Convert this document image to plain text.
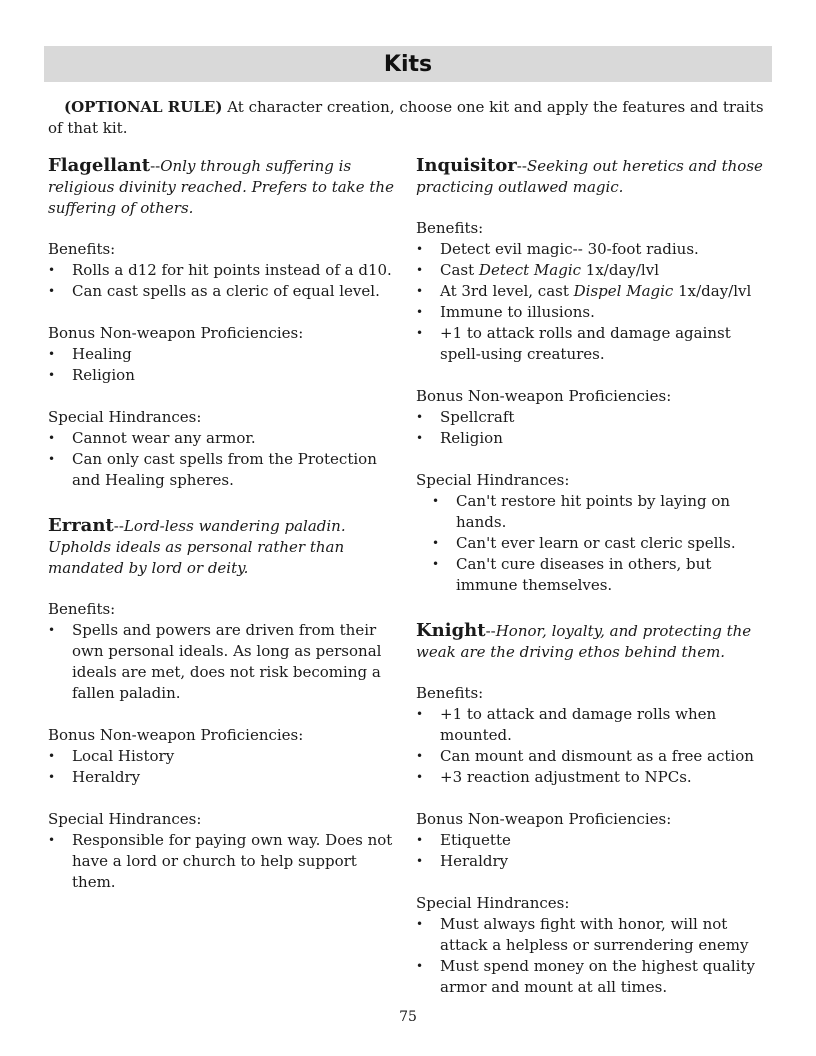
Kits

(OPTIONAL RULE) At character creation, choose one kit and apply the features and traits of that kit.

Flagellant--Only through suffering is religious divinity reached. Prefers to take the suffering of others.

Benefits:

• Rolls a d12 for hit points instead of a d10.
• Can cast spells as a cleric of equal level.

Bonus Non-weapon Proficiencies:

• Healing
• Religion

Special Hindrances:

• Cannot wear any armor.
• Can only cast spells from the Protection and Healing spheres.

Errant--Lord-less wandering paladin. Upholds ideals as personal rather than mandated by lord or deity.

Benefits:

• Spells and powers are driven from their own personal ideals. As long as personal ideals are met, does not risk becoming a fallen paladin.

Bonus Non-weapon Proficiencies:

• Local History
• Heraldry

Special Hindrances:

• Responsible for paying own way. Does not have a lord or church to help support them.

Inquisitor--Seeking out heretics and those practicing outlawed magic.

Benefits:

• Detect evil magic-- 30-foot radius.
• Cast Detect Magic 1x/day/lvl
• At 3rd level, cast Dispel Magic 1x/day/lvl
• Immune to illusions.
• +1 to attack rolls and damage against spell-using creatures.

Bonus Non-weapon Proficiencies:

• Spellcraft
• Religion

Special Hindrances:

• Can't restore hit points by laying on hands.
• Can't ever learn or cast cleric spells.
• Can't cure diseases in others, but immune themselves.

Knight--Honor, loyalty, and protecting the weak are the driving ethos behind them.

Benefits:

• +1 to attack and damage rolls when mounted.
• Can mount and dismount as a free action
• +3 reaction adjustment to NPCs.

Bonus Non-weapon Proficiencies:

• Etiquette
• Heraldry

Special Hindrances:

• Must always fight with honor, will not attack a helpless or surrendering enemy
• Must spend money on the highest quality armor and mount at all times.
75
